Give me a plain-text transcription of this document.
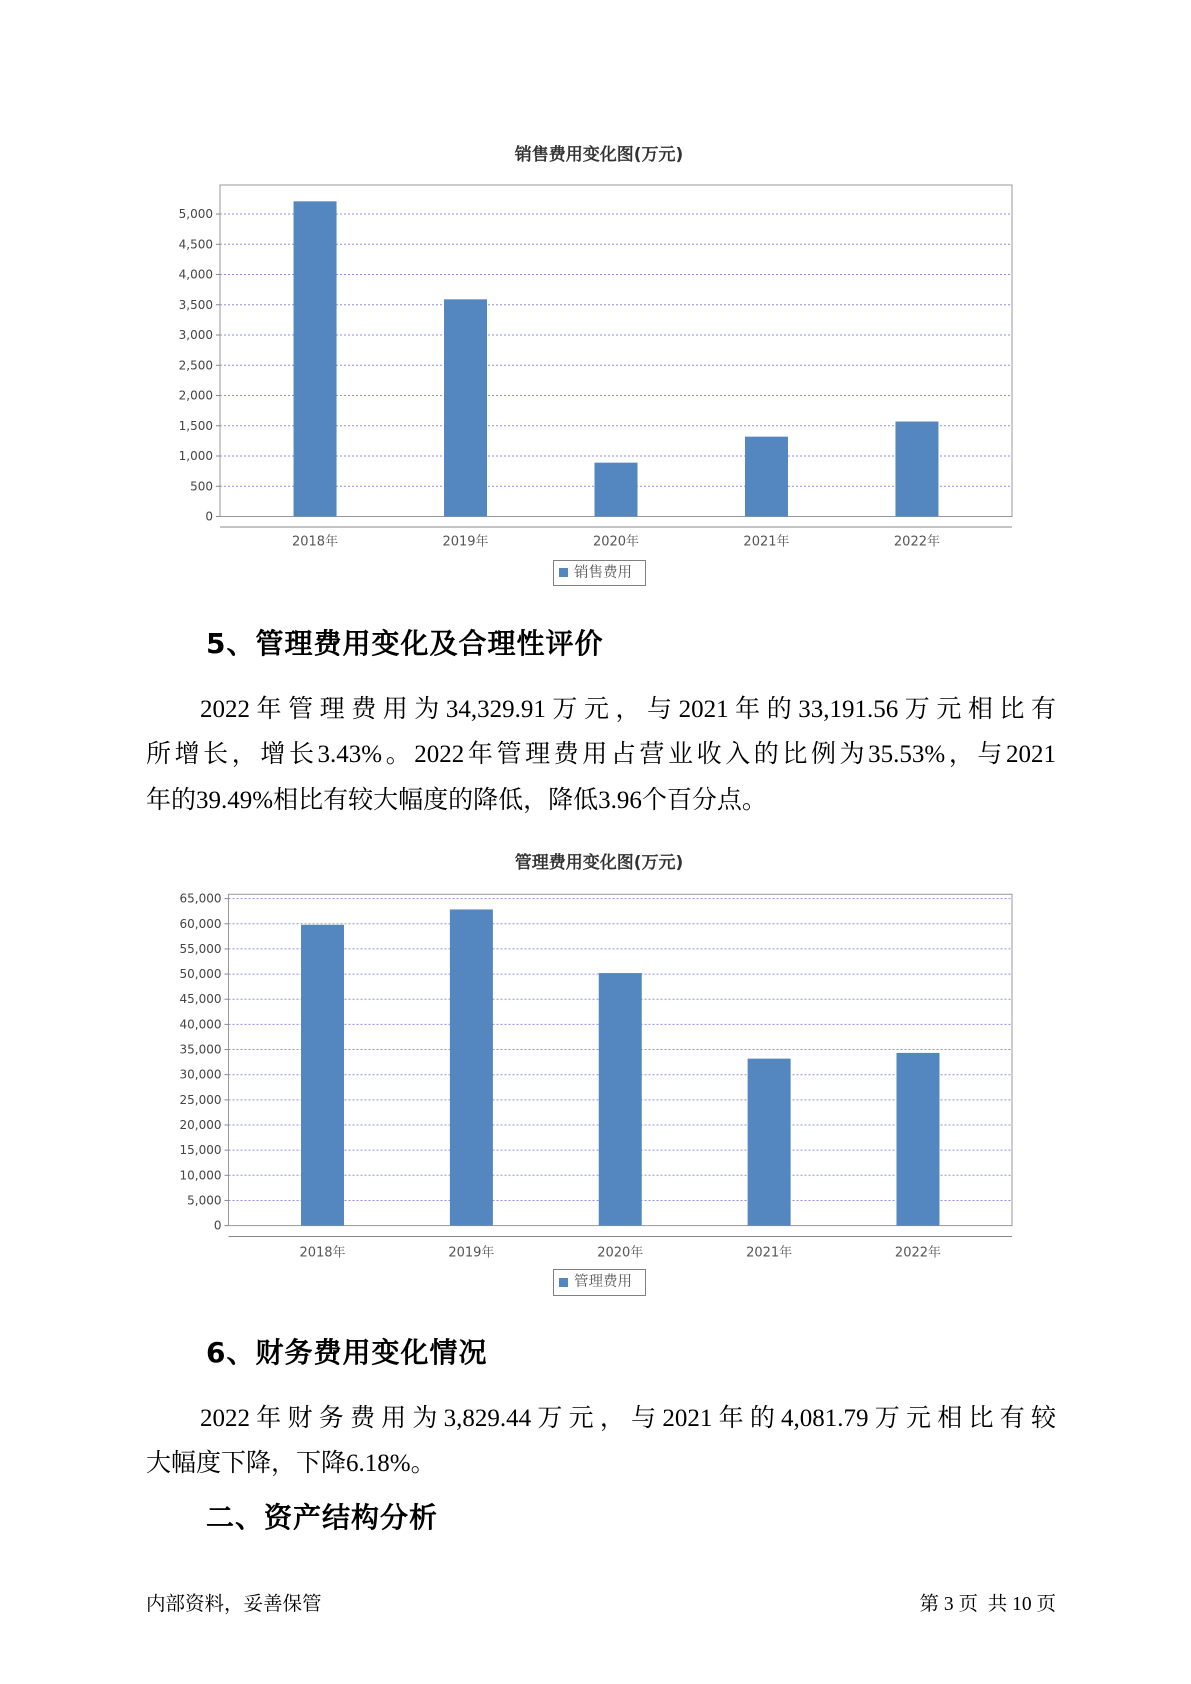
销售费用变化图(万元)
0
500
1,000
1,500
2,000
2,500
3,000
3,500
4,000
4,500
5,000
2018年	2019年	2020年	2021年	2022年
销售费用
5、管理费用变化及合理性评价
2022年管理费用为34,329.91万元，与2021年的33,191.56万元相比有
所增长，增长3.43%。2022年管理费用占营业收入的比例为35.53%，与2021
年的39.49%相比有较大幅度的降低，降低3.96个百分点。
管理费用变化图(万元)
0
5,000
10,000
15,000
20,000
25,000
30,000
35,000
40,000
45,000
50,000
55,000
60,000
65,000
2018年	2019年	2020年	2021年	2022年
管理费用
6、财务费用变化情况
2022年财务费用为3,829.44万元，与2021年的4,081.79万元相比有较
大幅度下降，下降6.18%。
二、资产结构分析
内部资料，妥善保管	第 3 页  共 10 页
